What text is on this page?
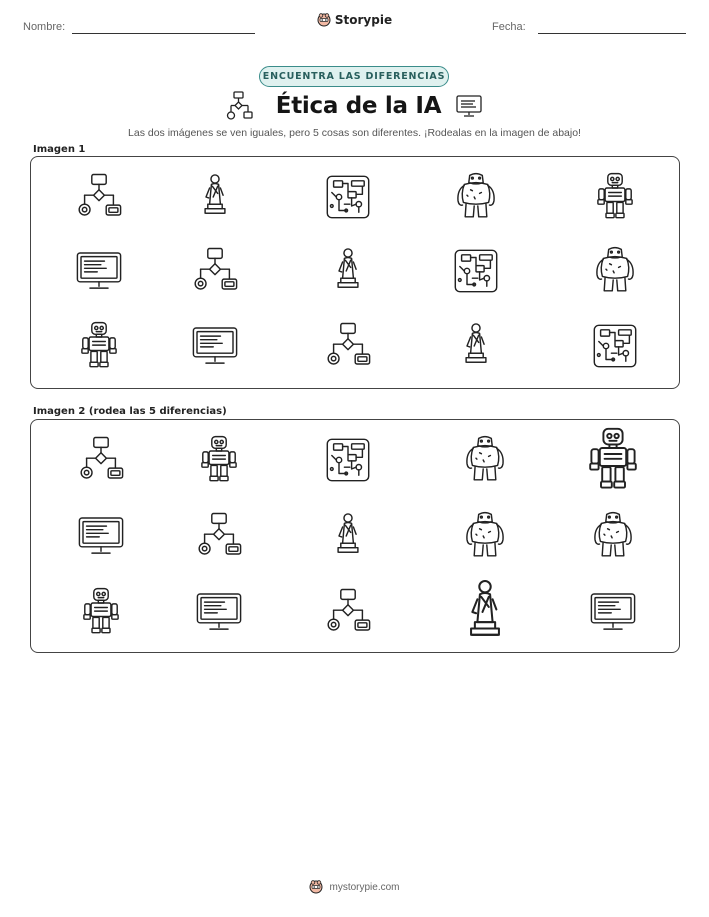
Nombre:	Storypie	Fecha:
ENCUENTRA LAS DIFERENCIAS
Ética de la IA
Las dos imágenes se ven iguales, pero 5 cosas son diferentes. ¡Rodealas en la imagen de abajo!
Imagen 1
Imagen 2 (rodea las 5 diferencias)
mystorypie.com
